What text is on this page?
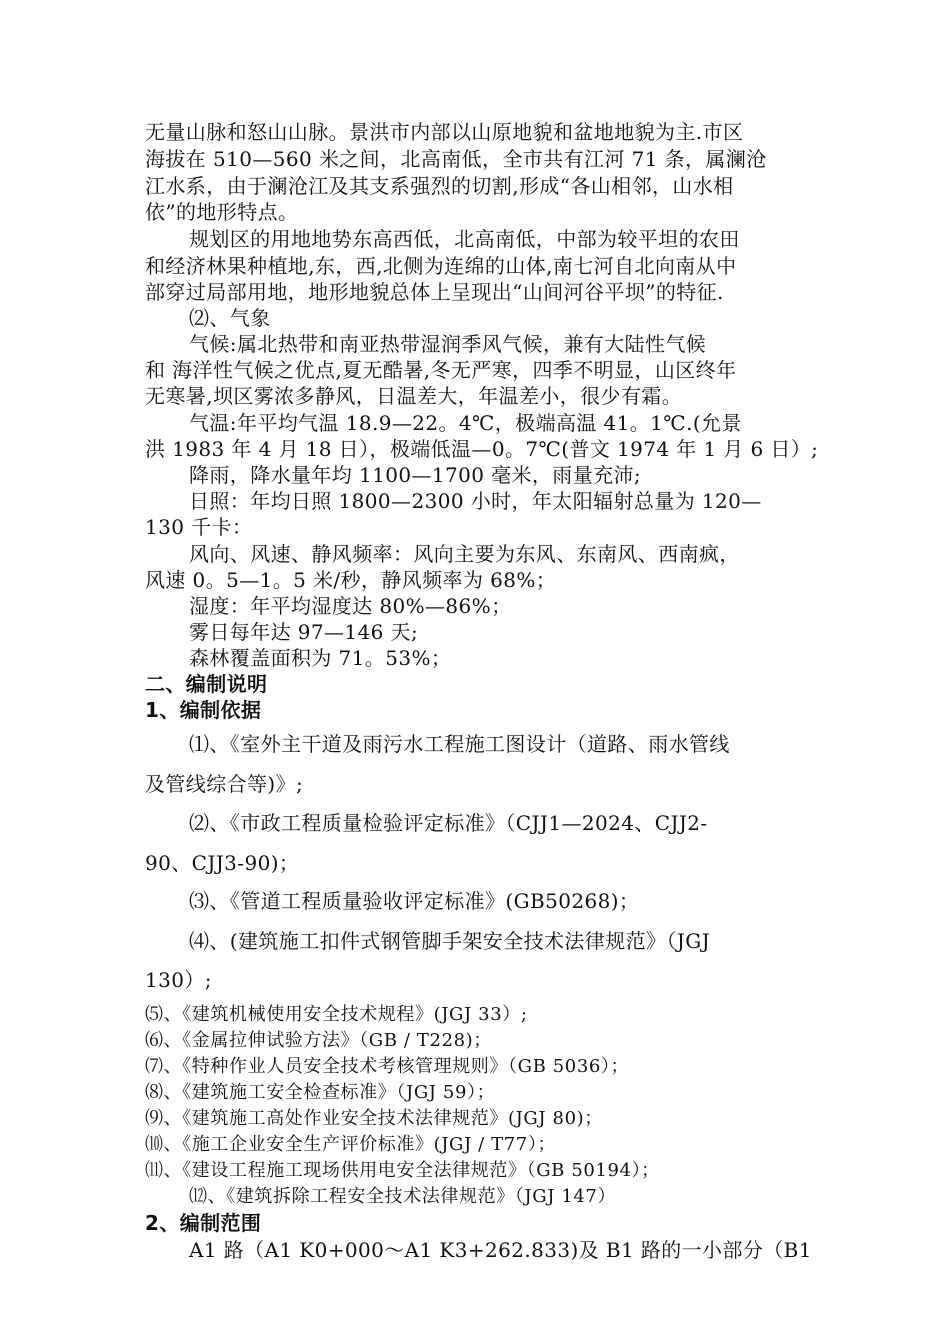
无量山脉和怒山山脉。景洪市内部以山原地貌和盆地地貌为主.市区
海拔在 510—560 米之间，北高南低，全市共有江河 71 条，属澜沧
江水系，由于澜沧江及其支系强烈的切割,形成“各山相邻，山水相
依”的地形特点。
规划区的用地地势东高西低，北高南低，中部为较平坦的农田
和经济林果种植地,东，西,北侧为连绵的山体,南七河自北向南从中
部穿过局部用地，地形地貌总体上呈现出“山间河谷平坝”的特征.
⑵、气象
气候:属北热带和南亚热带湿润季风气候，兼有大陆性气候
和 海洋性气候之优点,夏无酷暑,冬无严寒，四季不明显，山区终年
无寒暑,坝区雾浓多静风，日温差大，年温差小，很少有霜。
气温:年平均气温 18.9—22。4℃，极端高温 41。1℃.(允景
洪 1983 年 4 月 18 日），极端低温—0。7℃(普文 1974 年 1 月 6 日）;
降雨，降水量年均 1100—1700 毫米，雨量充沛;
日照：年均日照 1800—2300 小时，年太阳辐射总量为 120—
130 千卡：
风向、风速、静风频率：风向主要为东风、东南风、西南疯，
风速 0。5—1。5 米/秒，静风频率为 68%；
湿度：年平均湿度达 80%—86%；
雾日每年达 97—146 天;
森林覆盖面积为 71。53%；
二、编制说明
1、编制依据
⑴、《室外主干道及雨污水工程施工图设计（道路、雨水管线
及管线综合等)》;
⑵、《市政工程质量检验评定标准》（CJJ1—2024、CJJ2-
90、CJJ3-90)；
⑶、《管道工程质量验收评定标准》(GB50268)；
⑷、(建筑施工扣件式钢管脚手架安全技术法律规范》（JGJ
130）;
⑸、《建筑机械使用安全技术规程》(JGJ 33）;
⑹、《金属拉伸试验方法》（GB / T228)；
⑺、《特种作业人员安全技术考核管理规则》（GB 5036）；
⑻、《建筑施工安全检查标准》（JGJ 59）；
⑼、《建筑施工高处作业安全技术法律规范》(JGJ 80)；
⑽、《施工企业安全生产评价标准》(JGJ / T77）；
⑾、《建设工程施工现场供用电安全法律规范》（GB 50194）；
⑿、《建筑拆除工程安全技术法律规范》（JGJ 147）
2、编制范围
A1 路（A1 K0+000～A1 K3+262.833)及 B1 路的一小部分（B1
